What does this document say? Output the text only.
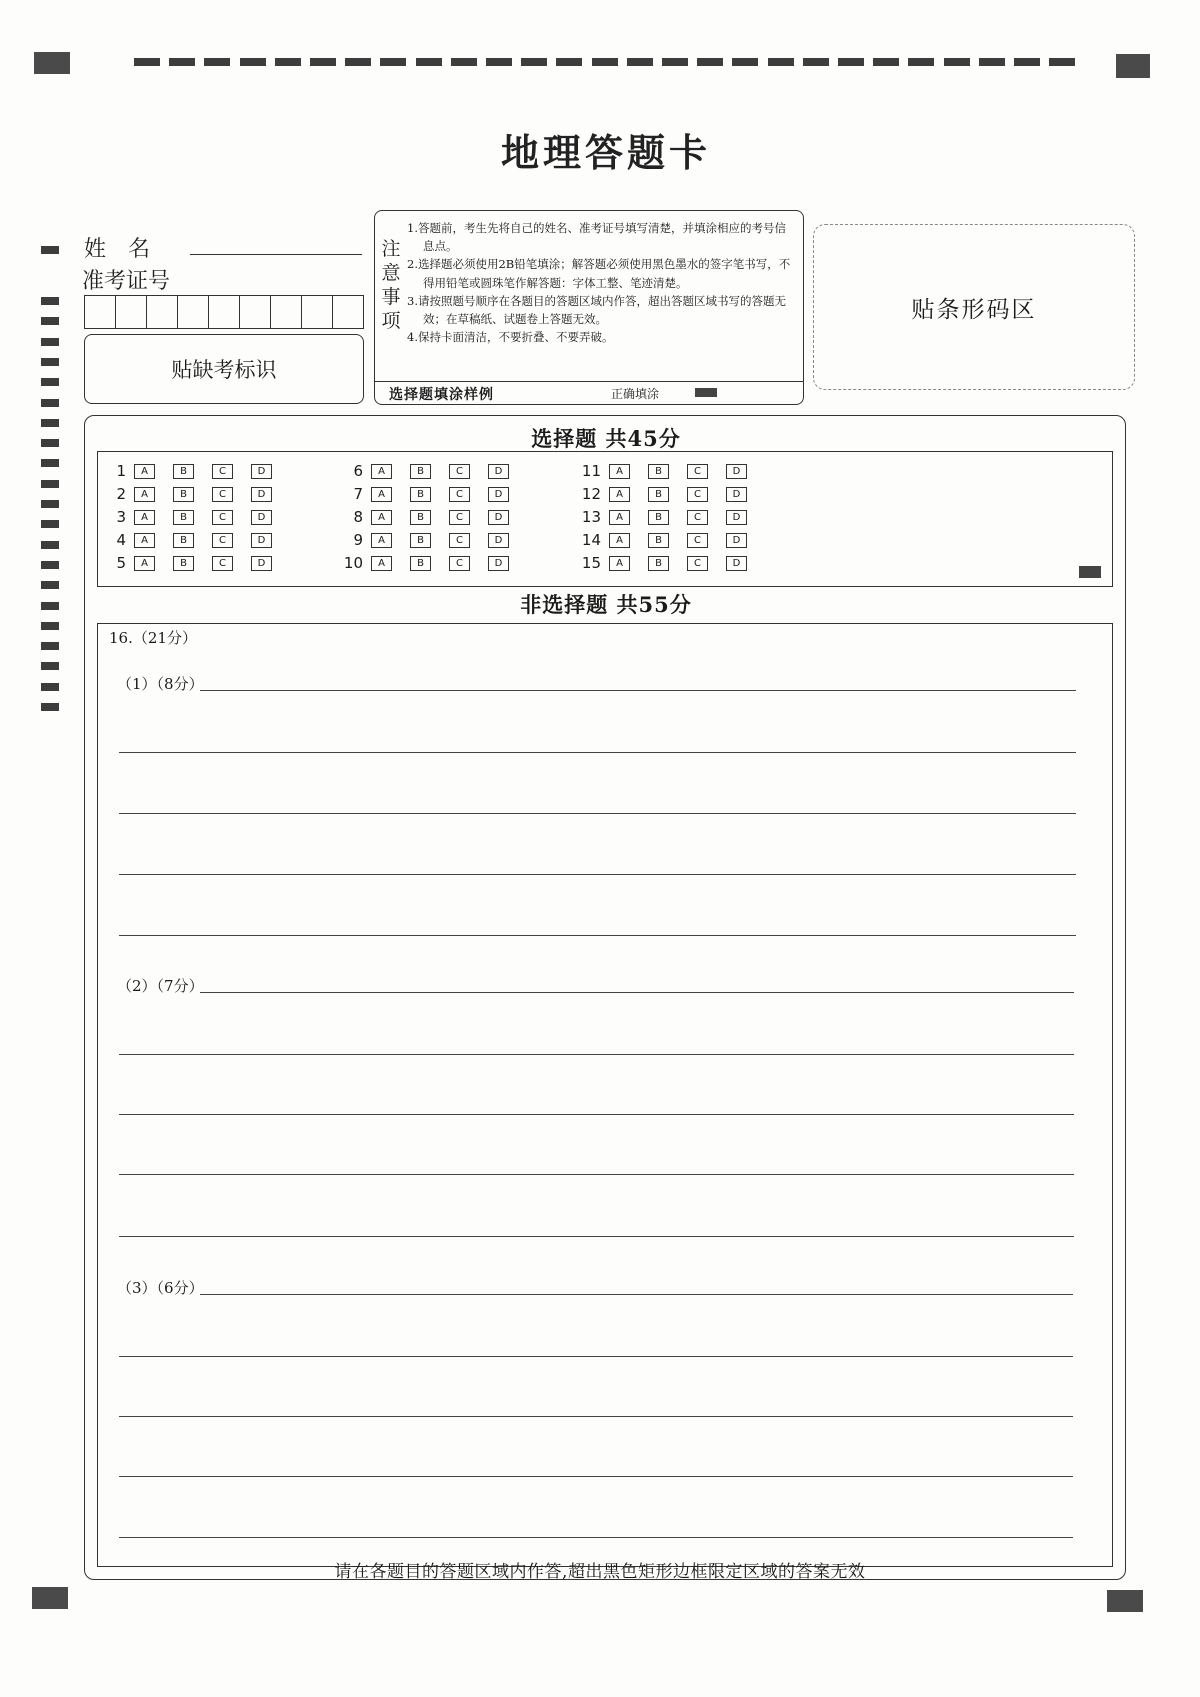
地理答题卡
姓　名
准考证号
贴缺考标识
注
意
事
项
1.答题前，考生先将自己的姓名、准考证号填写清楚，并填涂相应的考号信息点。
2.选择题必须使用2B铅笔填涂；解答题必须使用黑色墨水的签字笔书写，不得用铅笔或圆珠笔作解答题：字体工整、笔迹清楚。
3.请按照题号顺序在各题目的答题区域内作答，超出答题区域书写的答题无效；在草稿纸、试题卷上答题无效。
4.保持卡面清洁，不要折叠、不要弄破。
选择题填涂样例	正确填涂
贴条形码区
选择题 共45分
1	A	B	C	D
2	A	B	C	D
3	A	B	C	D
4	A	B	C	D
5	A	B	C	D
6	A	B	C	D
7	A	B	C	D
8	A	B	C	D
9	A	B	C	D
10	A	B	C	D
11	A	B	C	D
12	A	B	C	D
13	A	B	C	D
14	A	B	C	D
15	A	B	C	D
非选择题 共55分
16.（21分）
（1）（8分）
（2）（7分）
（3）（6分）
请在各题目的答题区域内作答,超出黑色矩形边框限定区域的答案无效
